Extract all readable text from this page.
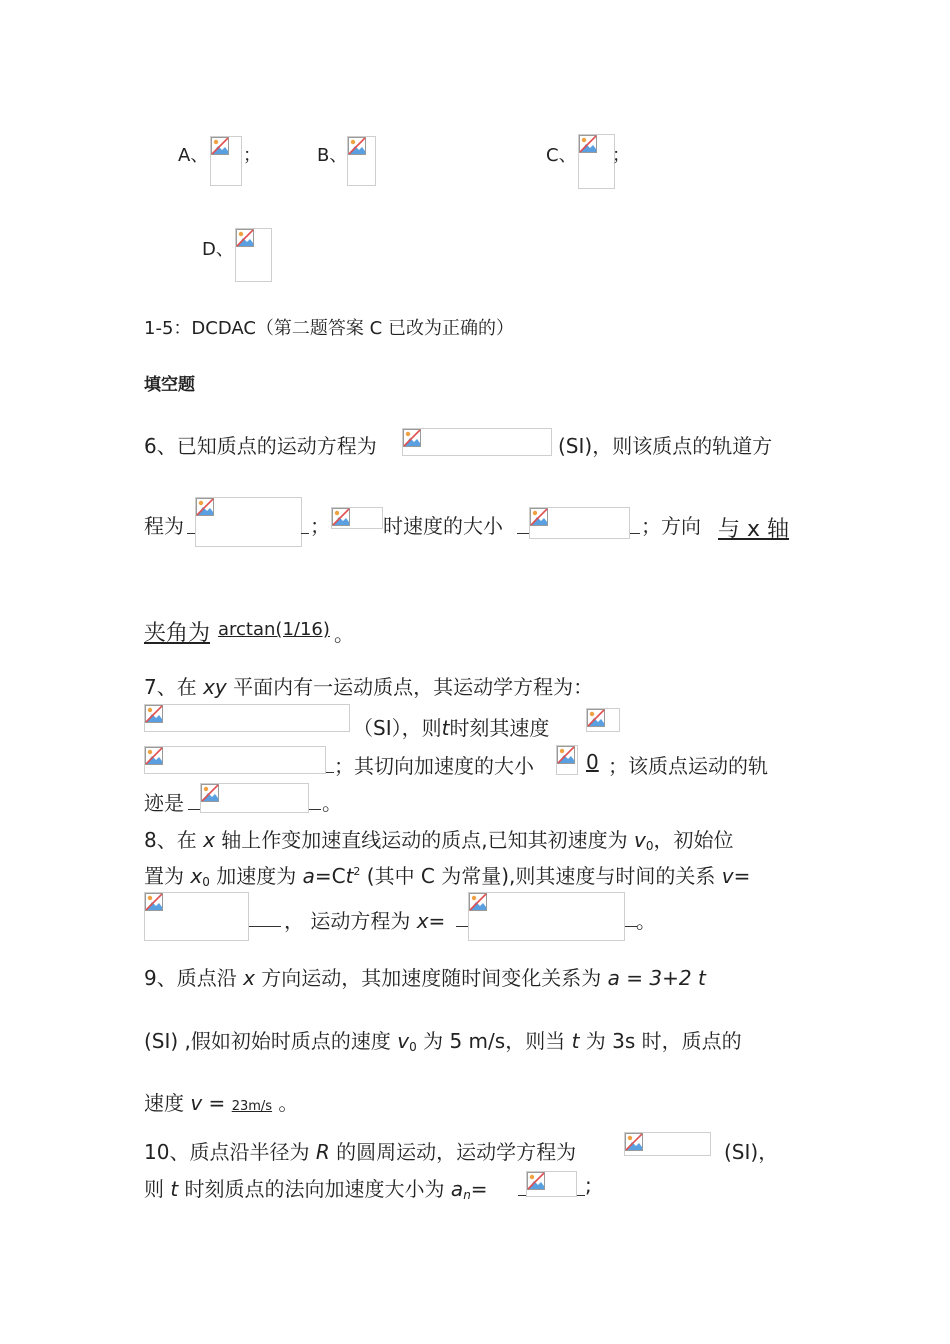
A、 ；	B、	C、 ；
D、
1-5：DCDAC（第二题答案 C 已改为正确的）
填空题
6、已知质点的运动方程为	(SI)，则该质点的轨道方
程为	；	时速度的大小	；方向 与 x 轴
夹角为 arctan(1/16) 。
7、在 xy 平面内有一运动质点，其运动学方程为：
（SI），则t时刻其速度
；其切向加速度的大小	0 ；该质点运动的轨
迹是	。
8、在 x 轴上作变加速直线运动的质点,已知其初速度为 $v_0$，初始位
置为 $x_0$ 加速度为 $a=Ct^2$ (其中 C 为常量),则其速度与时间的关系 v=
， 运动方程为 x=	。
9、质点沿 x 方向运动，其加速度随时间变化关系为 a = 3+2 t
(SI) ,假如初始时质点的速度 $v_0$ 为 5 m/s，则当 t 为 3s 时，质点的
速度 v = 23m/s 。
10、质点沿半径为 R 的圆周运动，运动学方程为	(SI)，
则 t 时刻质点的法向加速度大小为 $a_n=$	;
